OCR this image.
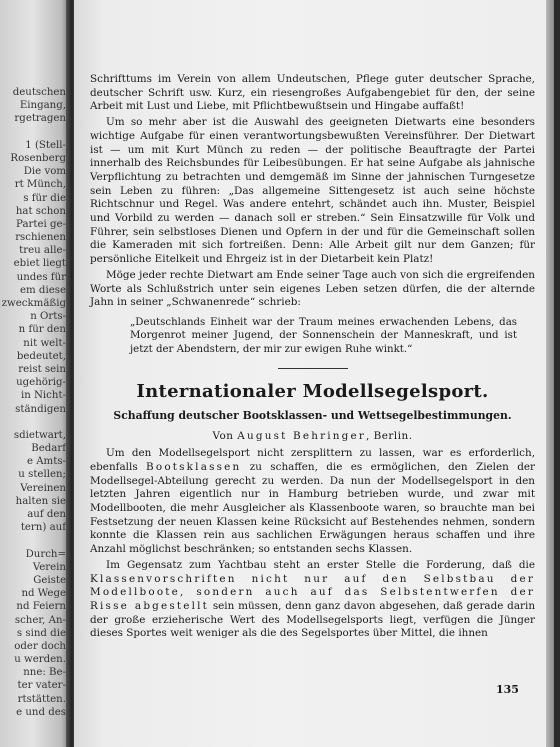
deutschen
Eingang,
rgetragen
1 (Stell-
Rosenberg
Die vom
rt Münch,
s für die
hat schon
Partei ge-
rschienen
treu alle-
ebiet liegt
undes für
em diese
zweckmäßig
n Orts-
n für den
nit welt-
bedeutet,
reist sein
ugehörig-
in Nicht-
ständigen
sdietwart,
Bedarf
e Amts-
u stellen;
Vereinen
halten sie
auf den
tern) auf
Durch=
Verein
Geiste
nd Wege
nd Feiern
scher, An-
s sind die
oder doch
u werden.
nne: Be-
ter vater-
rtstätten.
e und des

Schrifttums im Verein von allem Undeutschen, Pflege guter deutscher Sprache, deutscher Schrift usw. Kurz, ein riesengroßes Aufgabengebiet für den, der seine Arbeit mit Lust und Liebe, mit Pflichtbewußtsein und Hingabe auffaßt!

Um so mehr aber ist die Auswahl des geeigneten Dietwarts eine besonders wichtige Aufgabe für einen verantwortungsbewußten Vereinsführer. Der Dietwart ist — um mit Kurt Münch zu reden — der politische Beauftragte der Partei innerhalb des Reichsbundes für Leibesübungen. Er hat seine Aufgabe als jahnische Verpflichtung zu betrachten und demgemäß im Sinne der jahnischen Turngesetze sein Leben zu führen: „Das allgemeine Sittengesetz ist auch seine höchste Richtschnur und Regel. Was andere entehrt, schändet auch ihn. Muster, Beispiel und Vorbild zu werden — danach soll er streben.“ Sein Einsatzwille für Volk und Führer, sein selbstloses Dienen und Opfern in der und für die Gemeinschaft sollen die Kameraden mit sich fortreißen. Denn: Alle Arbeit gilt nur dem Ganzen; für persönliche Eitelkeit und Ehrgeiz ist in der Dietarbeit kein Platz!

Möge jeder rechte Dietwart am Ende seiner Tage auch von sich die ergreifenden Worte als Schlußstrich unter sein eigenes Leben setzen dürfen, die der alternde Jahn in seiner „Schwanenrede“ schrieb:

„Deutschlands Einheit war der Traum meines erwachenden Lebens, das Morgenrot meiner Jugend, der Sonnenschein der Manneskraft, und ist jetzt der Abendstern, der mir zur ewigen Ruhe winkt.“

Internationaler Modellsegelsport.
Schaffung deutscher Bootsklassen- und Wettsegelbestimmungen.
Von August Behringer, Berlin.

Um den Modellsegelsport nicht zersplittern zu lassen, war es erforderlich, ebenfalls Bootsklassen zu schaffen, die es ermöglichen, den Zielen der Modellsegel-Abteilung gerecht zu werden. Da nun der Modellsegelsport in den letzten Jahren eigentlich nur in Hamburg betrieben wurde, und zwar mit Modellbooten, die mehr Ausgleicher als Klassenboote waren, so brauchte man bei Festsetzung der neuen Klassen keine Rücksicht auf Bestehendes nehmen, sondern konnte die Klassen rein aus sachlichen Erwägungen heraus schaffen und ihre Anzahl möglichst beschränken; so entstanden sechs Klassen.

Im Gegensatz zum Yachtbau steht an erster Stelle die Forderung, daß die Klassenvorschriften nicht nur auf den Selbstbau der Modellboote, sondern auch auf das Selbstentwerfen der Risse abgestellt sein müssen, denn ganz davon abgesehen, daß gerade darin der große erzieherische Wert des Modellsegelsports liegt, verfügen die Jünger dieses Sportes weit weniger als die des Segelsportes über Mittel, die ihnen

135
